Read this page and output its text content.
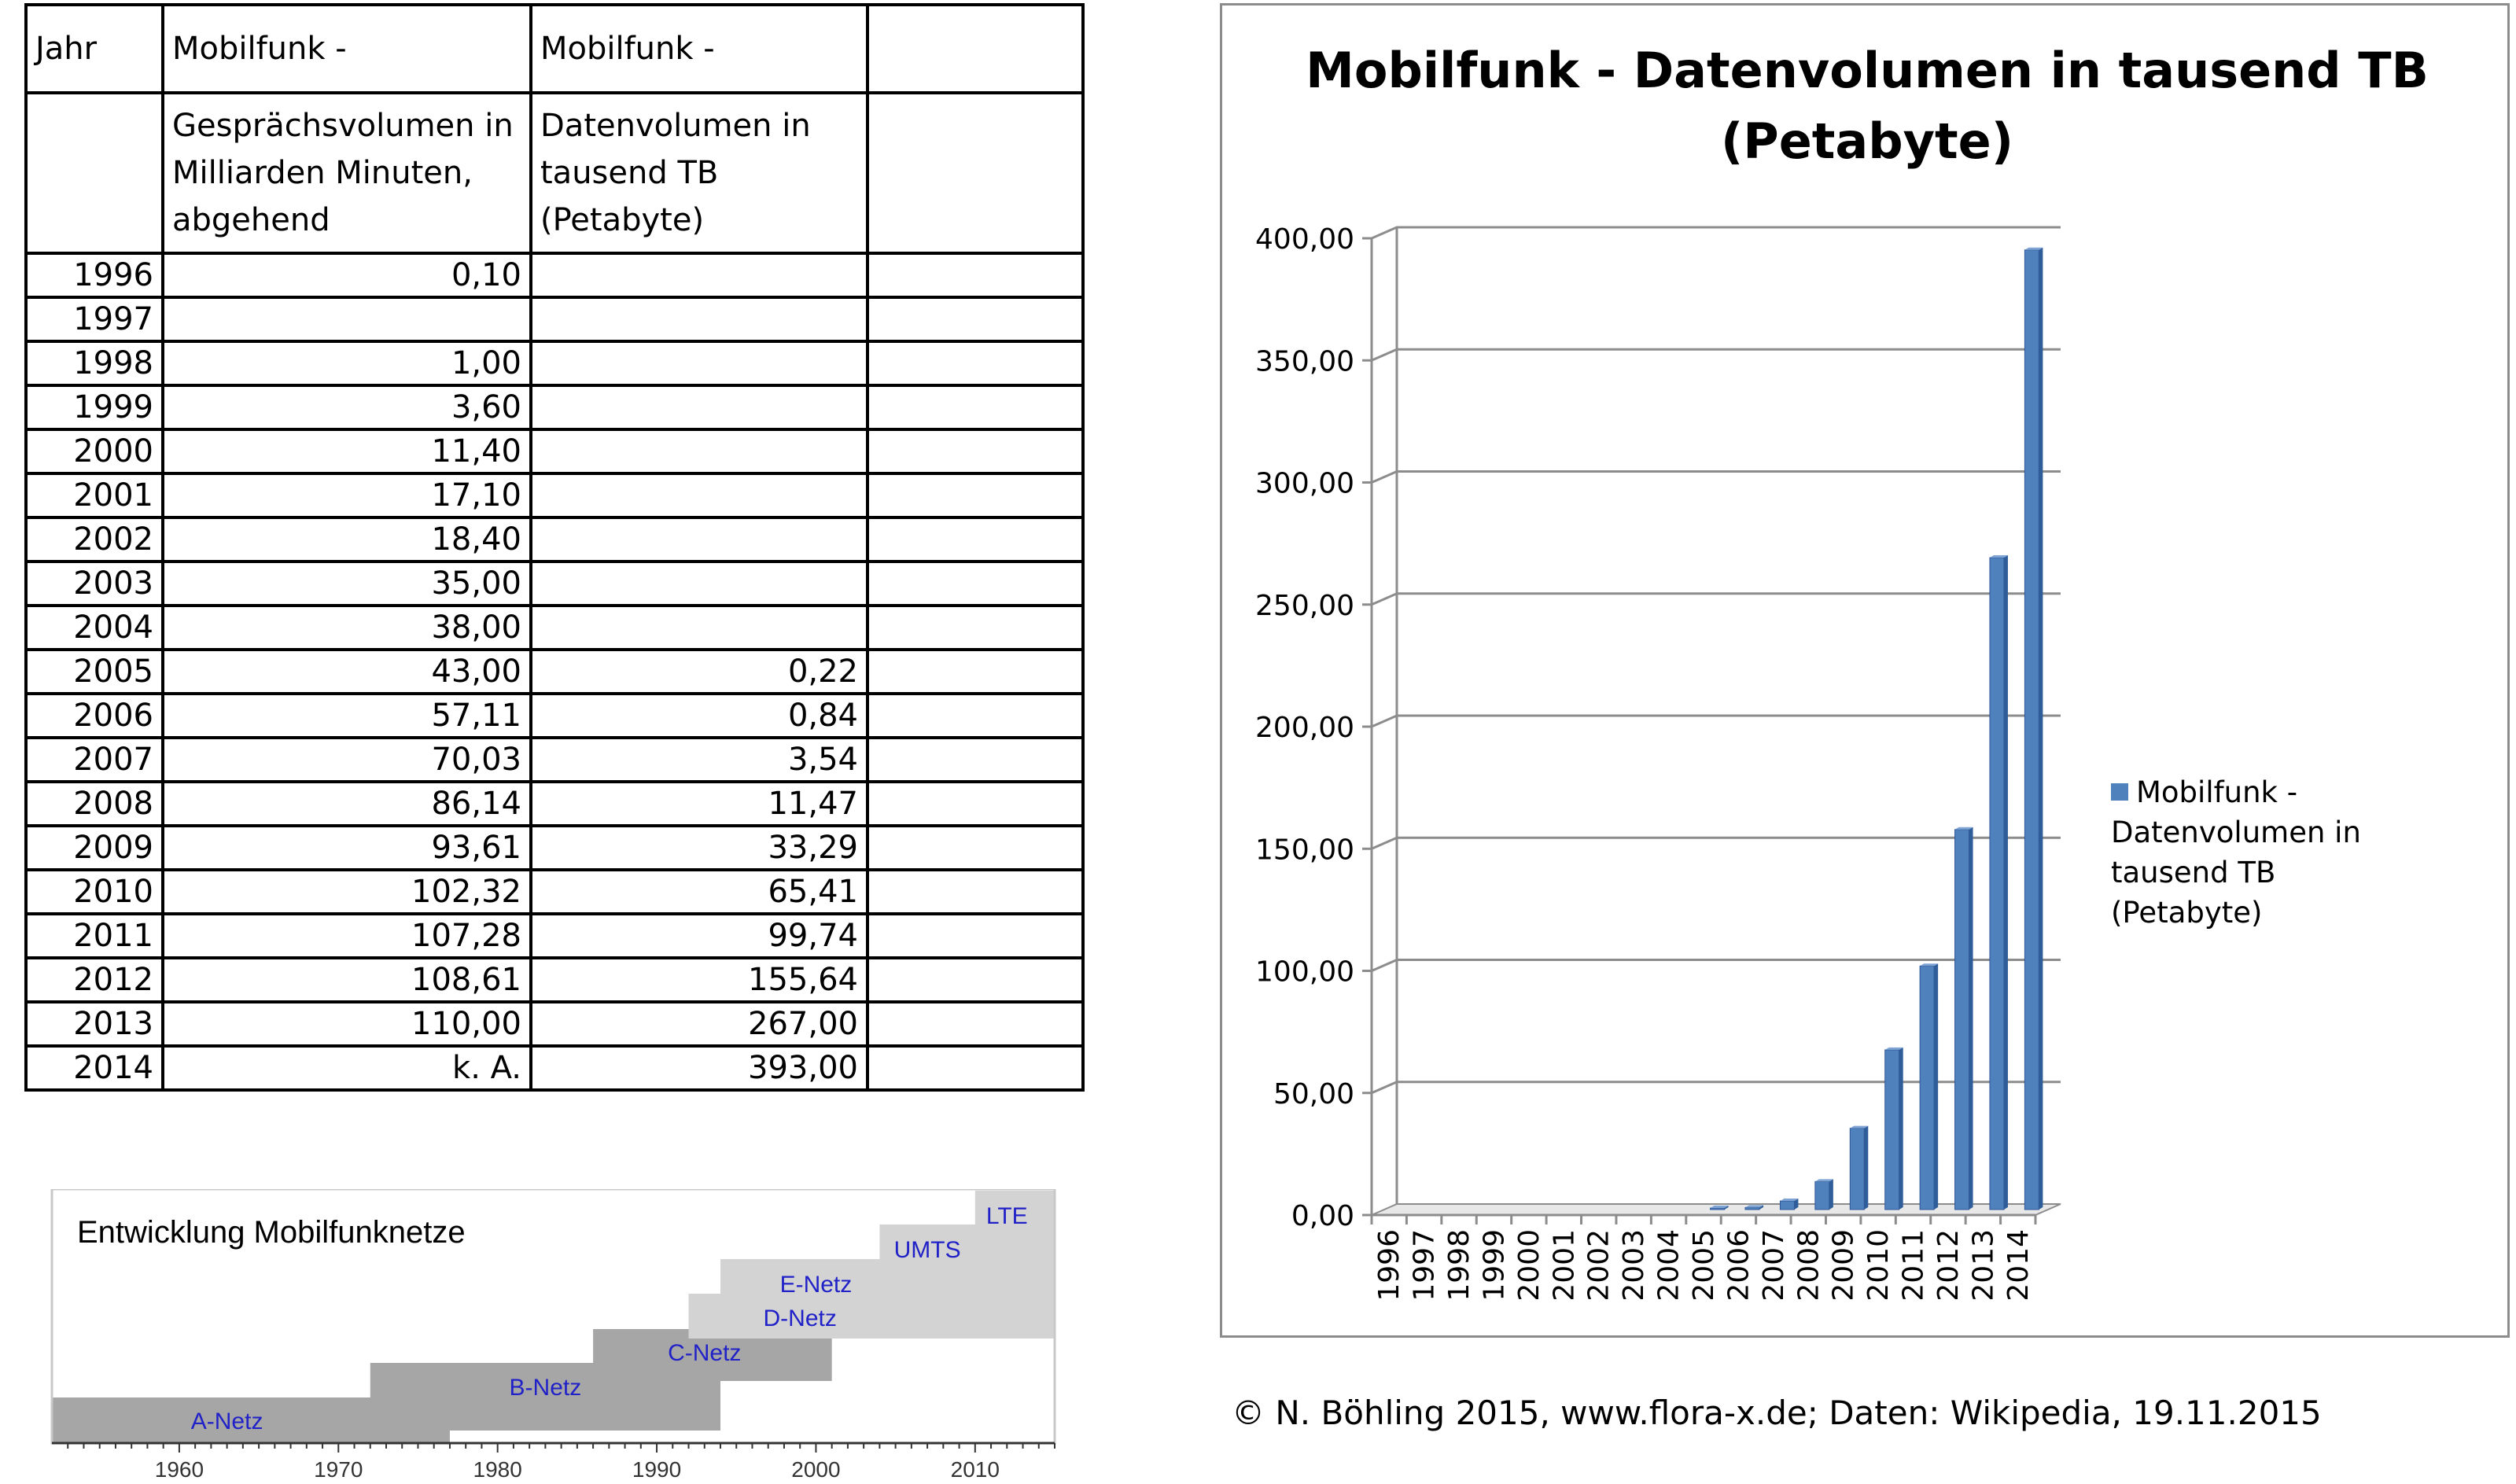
Jahr	Mobilfunk -	Mobilfunk -	
	Gesprächsvolumen in Milliarden Minuten, abgehend	Datenvolumen in tausend TB (Petabyte)	
1996	0,10		
1997			
1998	1,00		
1999	3,60		
2000	11,40		
2001	17,10		
2002	18,40		
2003	35,00		
2004	38,00		
2005	43,00	0,22	
2006	57,11	0,84	
2007	70,03	3,54	
2008	86,14	11,47	
2009	93,61	33,29	
2010	102,32	65,41	
2011	107,28	99,74	
2012	108,61	155,64	
2013	110,00	267,00	
2014	k. A.	393,00	
A-Netz
B-Netz
C-Netz
D-Netz
E-Netz
UMTS
LTE
1960	1970	1980	1990	2000	2010
Entwicklung Mobilfunknetze	0,00
50,00
100,00
150,00
200,00
250,00
300,00
350,00
400,00
1996 1997 1998 1999 2000 2001 2002 2003 2004 2005 2006 2007 2008 2009 2010 2011 2012 2013 2014
Mobilfunk - Datenvolumen in tausend TB (Petabyte)
Mobilfunk - Datenvolumen in tausend TB (Petabyte)
© N. Böhling 2015, www.flora-x.de; Daten: Wikipedia, 19.11.2015
